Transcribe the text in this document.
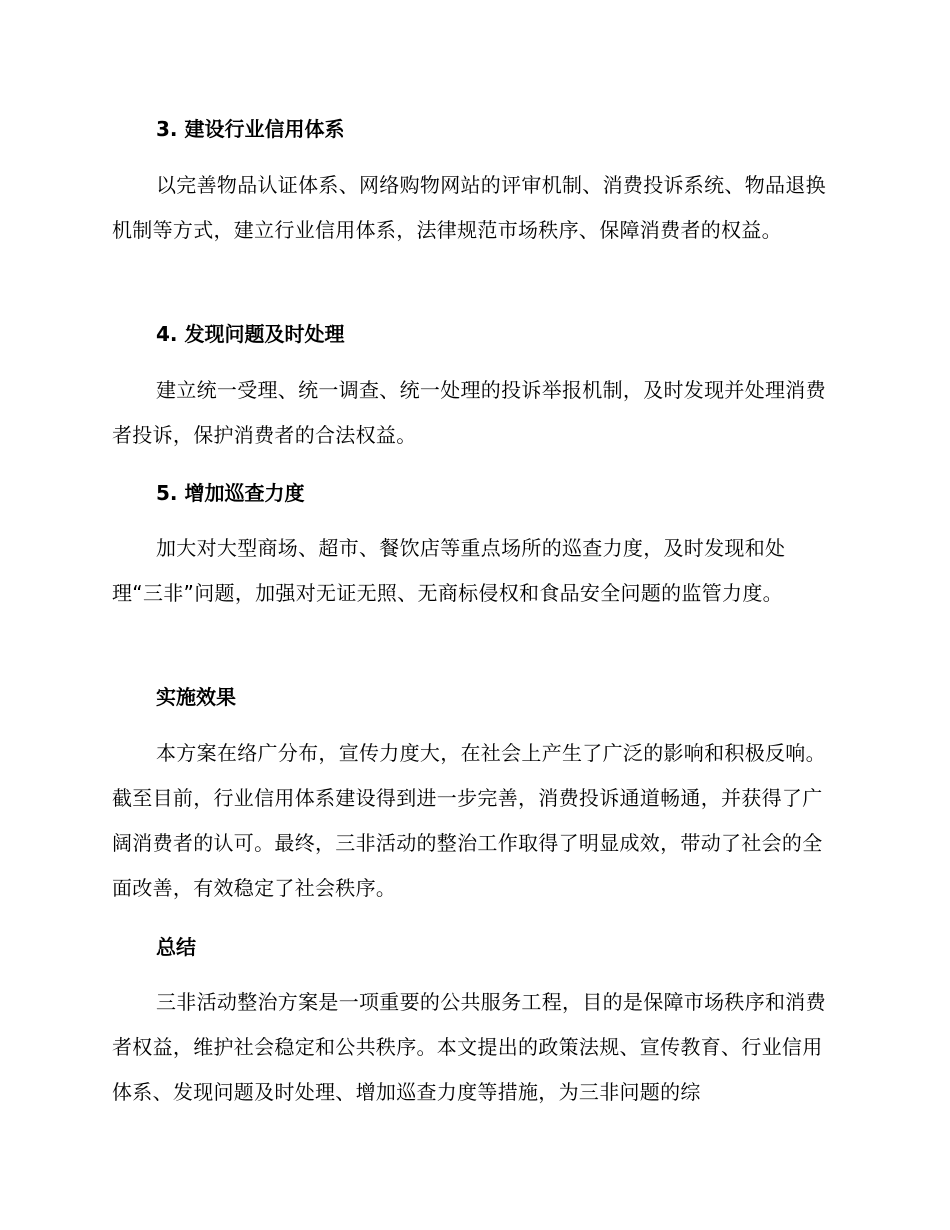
3. 建设行业信用体系

以完善物品认证体系、网络购物网站的评审机制、消费投诉系统、物品退换机制等方式，建立行业信用体系，法律规范市场秩序、保障消费者的权益。

4. 发现问题及时处理

建立统一受理、统一调查、统一处理的投诉举报机制，及时发现并处理消费者投诉，保护消费者的合法权益。

5. 增加巡查力度

加大对大型商场、超市、餐饮店等重点场所的巡查力度，及时发现和处理“三非”问题，加强对无证无照、无商标侵权和食品安全问题的监管力度。

实施效果

本方案在络广分布，宣传力度大，在社会上产生了广泛的影响和积极反响。截至目前，行业信用体系建设得到进一步完善，消费投诉通道畅通，并获得了广阔消费者的认可。最终，三非活动的整治工作取得了明显成效，带动了社会的全面改善，有效稳定了社会秩序。

总结

三非活动整治方案是一项重要的公共服务工程，目的是保障市场秩序和消费者权益，维护社会稳定和公共秩序。本文提出的政策法规、宣传教育、行业信用体系、发现问题及时处理、增加巡查力度等措施，为三非问题的综
